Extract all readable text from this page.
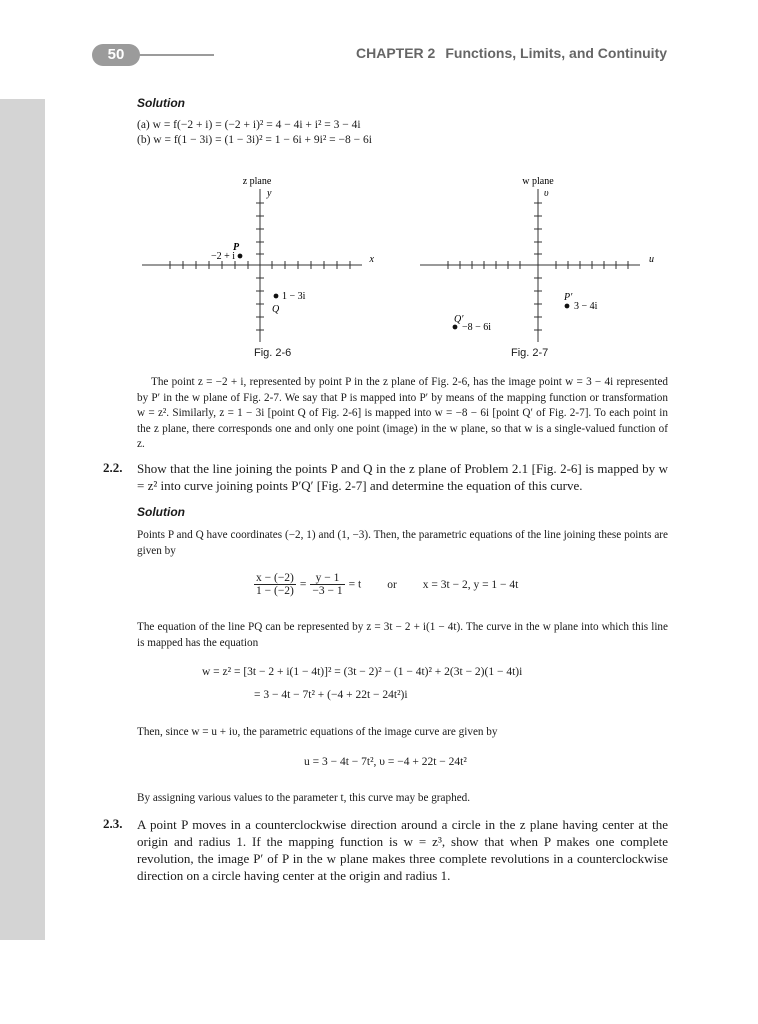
50	CHAPTER 2 Functions, Limits, and Continuity
Solution
(a) w = f(−2 + i) = (−2 + i)² = 4 − 4i + i² = 3 − 4i
(b) w = f(1 − 3i) = (1 − 3i)² = 1 − 6i + 9i² = −8 − 6i
z plane
y
x
P
−2 + i
1 − 3i
Q
Fig. 2-6
w plane
υ
u
P′
3 − 4i
Q′
−8 − 6i
Fig. 2-7
The point z = −2 + i, represented by point P in the z plane of Fig. 2-6, has the image point w = 3 − 4i represented by P′ in the w plane of Fig. 2-7. We say that P is mapped into P′ by means of the mapping function or transformation w = z². Similarly, z = 1 − 3i [point Q of Fig. 2-6] is mapped into w = −8 − 6i [point Q′ of Fig. 2-7]. To each point in the z plane, there corresponds one and only one point (image) in the w plane, so that w is a single-valued function of z.
2.2. Show that the line joining the points P and Q in the z plane of Problem 2.1 [Fig. 2-6] is mapped by w = z² into curve joining points P′Q′ [Fig. 2-7] and determine the equation of this curve.
Solution
Points P and Q have coordinates (−2, 1) and (1, −3). Then, the parametric equations of the line joining these points are given by
$\frac{x - (-2)}{1 - (-2)} = \frac{y - 1}{-3 - 1} = t$ or x = 3t − 2, y = 1 − 4t
The equation of the line PQ can be represented by z = 3t − 2 + i(1 − 4t). The curve in the w plane into which this line is mapped has the equation
w = z² = [3t − 2 + i(1 − 4t)]² = (3t − 2)² − (1 − 4t)² + 2(3t − 2)(1 − 4t)i
= 3 − 4t − 7t² + (−4 + 22t − 24t²)i
Then, since w = u + iυ, the parametric equations of the image curve are given by
u = 3 − 4t − 7t², υ = −4 + 22t − 24t²
By assigning various values to the parameter t, this curve may be graphed.
2.3. A point P moves in a counterclockwise direction around a circle in the z plane having center at the origin and radius 1. If the mapping function is w = z³, show that when P makes one complete revolution, the image P′ of P in the w plane makes three complete revolutions in a counterclockwise direction on a circle having center at the origin and radius 1.
